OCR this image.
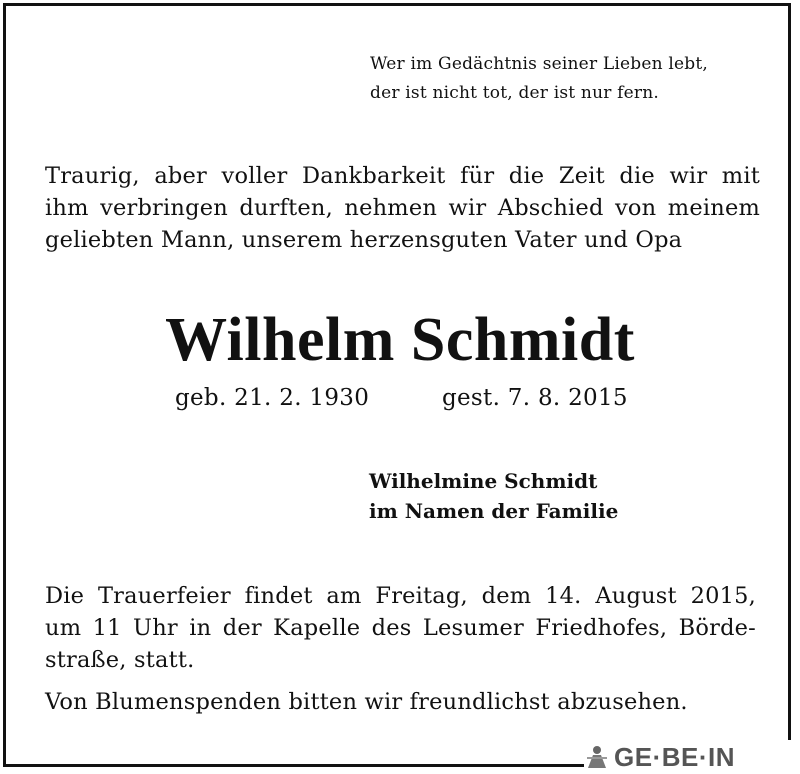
Wer im Gedächtnis seiner Lieben lebt,
der ist nicht tot, der ist nur fern.
Traurig, aber voller Dankbarkeit für die Zeit die wir mit
ihm verbringen durften, nehmen wir Abschied von meinem
geliebten Mann, unserem herzensguten Vater und Opa
Wilhelm Schmidt
geb. 21. 2. 1930	gest. 7. 8. 2015
Wilhelmine Schmidt
im Namen der Familie
Die Trauerfeier findet am Freitag, dem 14. August 2015,
um 11 Uhr in der Kapelle des Lesumer Friedhofes, Börde-
straße, statt.
Von Blumenspenden bitten wir freundlichst abzusehen.
GE·BE·IN
